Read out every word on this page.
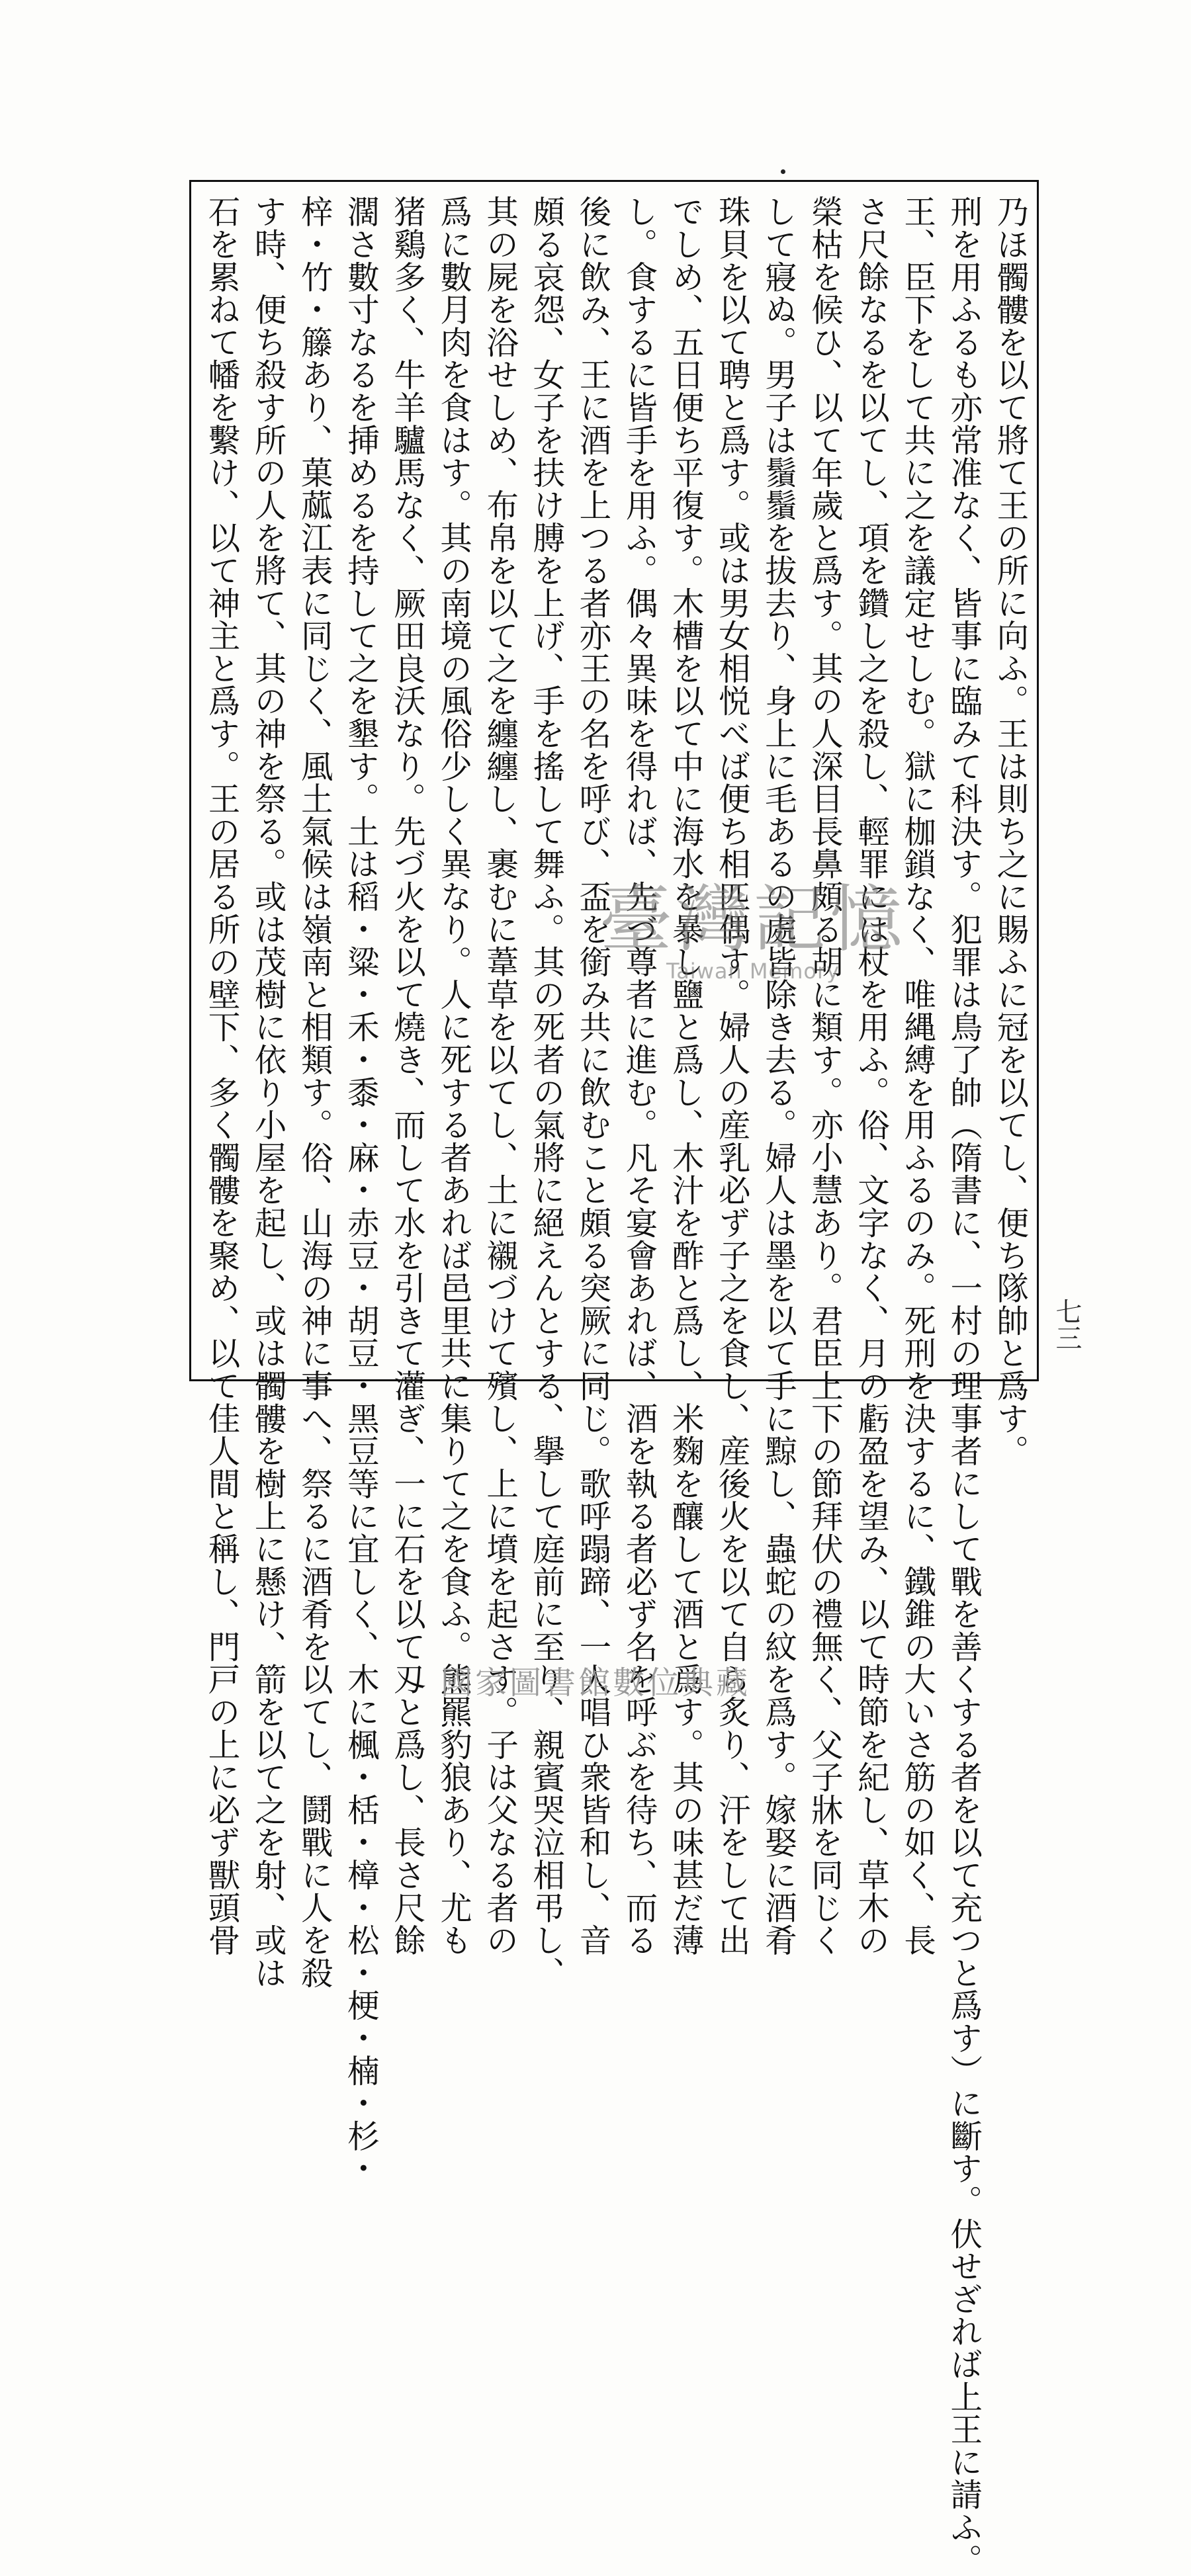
乃ほ髑髏を以て將て王の所に向ふ。王は則ち之に賜ふに冠を以てし、便ち隊帥と爲す。
刑を用ふるも亦常准なく、皆事に臨みて科決す。犯罪は鳥了帥（隋書に、一村の理事者にして戰を善くする者を以て充つと爲す）に斷す。伏せざれば上王に請ふ。
王、臣下をして共に之を議定せしむ。獄に枷鎖なく、唯縄縛を用ふるのみ。死刑を決するに、鐵錐の大いさ筋の如く、長
さ尺餘なるを以てし、項を鑽し之を殺し、輕罪には杖を用ふ。俗、文字なく、月の虧盈を望み、以て時節を紀し、草木の
榮枯を候ひ、以て年歲と爲す。其の人深目長鼻頗る胡に類す。亦小慧あり。君臣上下の節拜伏の禮無く、父子牀を同じく
して寢ぬ。男子は鬚鬚を拔去り、身上に毛あるの處皆除き去る。婦人は墨を以て手に黥し、蟲蛇の紋を爲す。嫁娶に酒肴
珠貝を以て聘と爲す。或は男女相悦べば便ち相匹偶す。婦人の産乳必ず子之を食し、産後火を以て自ら炙り、汗をして出
でしめ、五日便ち平復す。木槽を以て中に海水を暴し鹽と爲し、木汁を酢と爲し、米麴を釀して酒と爲す。其の味甚だ薄
し。食するに皆手を用ふ。偶々異味を得れば、先づ尊者に進む。凡そ宴會あれば、酒を執る者必ず名を呼ぶを待ち、而る
後に飲み、王に酒を上つる者亦王の名を呼び、盃を銜み共に飲むこと頗る突厥に同じ。歌呼蹋蹄、一人唱ひ衆皆和し、音
頗る哀怨、女子を扶け膊を上げ、手を搖して舞ふ。其の死者の氣將に絕えんとする、擧して庭前に至り、親賓哭泣相弔し、
其の屍を浴せしめ、布帛を以て之を纏纏し、裹むに葦草を以てし、土に襯づけて殯し、上に墳を起さす。子は父なる者の
爲に數月肉を食はす。其の南境の風俗少しく異なり。人に死する者あれば邑里共に集りて之を食ふ。熊羆豹狼あり、尤も
猪鷄多く、牛羊驢馬なく、厥田良沃なり。先づ火を以て燒き、而して水を引きて灌ぎ、一に石を以て刄と爲し、長さ尺餘
濶さ數寸なるを挿めるを持して之を墾す。土は稻・粱・禾・黍・麻・赤豆・胡豆・黑豆等に宜しく、木に楓・栝・樟・松・梗・楠・杉・
梓・竹・籐あり、菓蓏江表に同じく、風土氣候は嶺南と相類す。俗、山海の神に事へ、祭るに酒肴を以てし、鬪戰に人を殺
す時、便ち殺す所の人を將て、其の神を祭る。或は茂樹に依り小屋を起し、或は髑髏を樹上に懸け、箭を以て之を射、或は
石を累ねて幡を繫け、以て神主と爲す。王の居る所の壁下、多く髑髏を聚め、以て佳人間と稱し、門戸の上に必ず獸頭骨	七三
臺灣記憶
Taiwan Memory
國家圖書館數位典藏
